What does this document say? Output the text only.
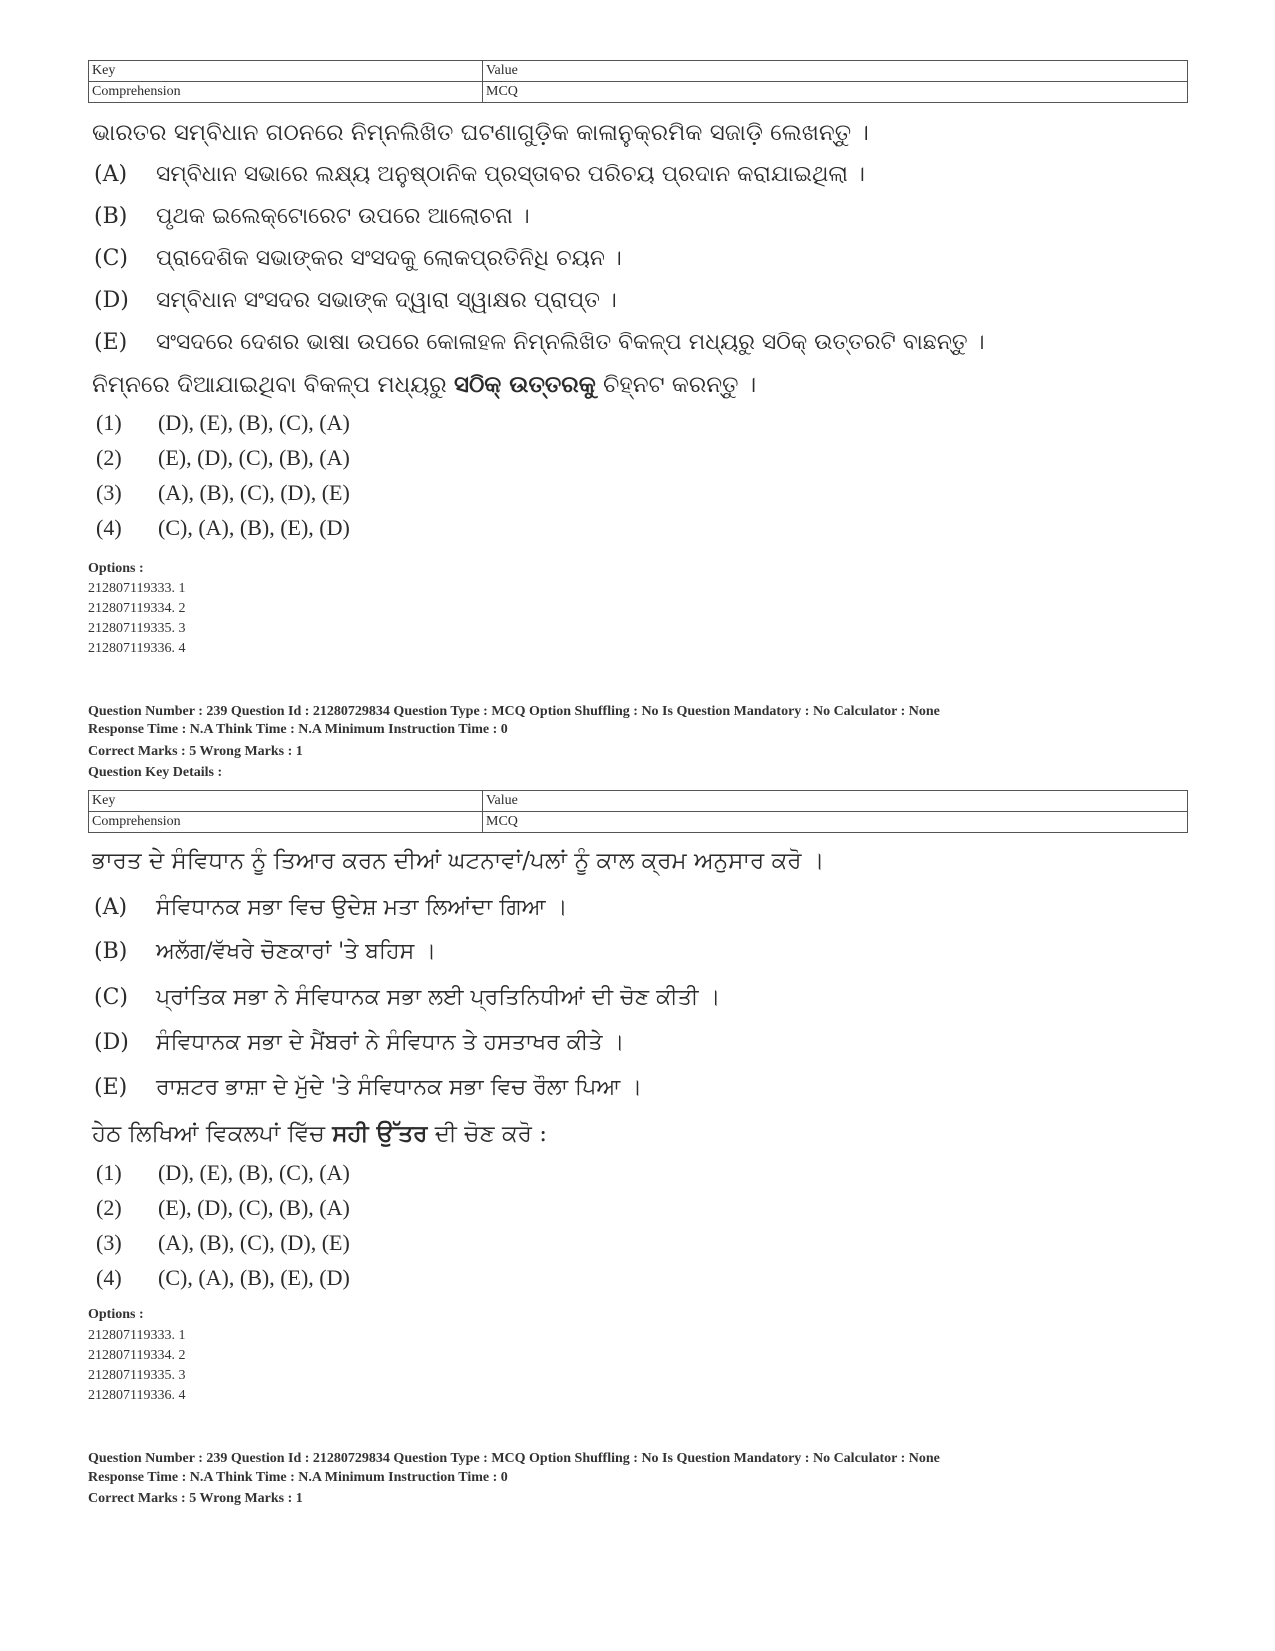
Key	Value
Comprehension	MCQ
ଭାରତର ସମ୍ବିଧାନ ଗଠନରେ ନିମ୍ନଲିଖିତ ଘଟଣାଗୁଡ଼ିକ କାଳାନୁକ୍ରମିକ ସଜାଡ଼ି ଲେଖନ୍ତୁ ।
(A) ସମ୍ବିଧାନ ସଭାରେ ଲକ୍ଷ୍ୟ ଅନୁଷ୍ଠାନିକ ପ୍ରସ୍ତାବର ପରିଚୟ ପ୍ରଦାନ କରାଯାଇଥିଲା ।
(B) ପୃଥକ ଇଲେକ୍ଟୋରେଟ ଉପରେ ଆଲୋଚନା ।
(C) ପ୍ରାଦେଶିକ ସଭାଙ୍କର ସଂସଦକୁ ଲୋକପ୍ରତିନିଧି ଚୟନ ।
(D) ସମ୍ବିଧାନ ସଂସଦର ସଭାଙ୍କ ଦ୍ୱାରା ସ୍ୱାକ୍ଷର ପ୍ରାପ୍ତ ।
(E) ସଂସଦରେ ଦେଶର ଭାଷା ଉପରେ କୋଳାହଳ ନିମ୍ନଲିଖିତ ବିକଳ୍ପ ମଧ୍ୟରୁ ସଠିକ୍ ଉତ୍ତରଟି ବାଛନ୍ତୁ ।
ନିମ୍ନରେ ଦିଆଯାଇଥିବା ବିକଳ୍ପ ମଧ୍ୟରୁ ସଠିକ୍ ଉତ୍ତରକୁ ଚିହ୍ନଟ କରନ୍ତୁ ।
(1) (D), (E), (B), (C), (A)
(2) (E), (D), (C), (B), (A)
(3) (A), (B), (C), (D), (E)
(4) (C), (A), (B), (E), (D)
Options :
212807119333. 1
212807119334. 2
212807119335. 3
212807119336. 4
Question Number : 239 Question Id : 21280729834 Question Type : MCQ Option Shuffling : No Is Question Mandatory : No Calculator : None
Response Time : N.A Think Time : N.A Minimum Instruction Time : 0
Correct Marks : 5 Wrong Marks : 1
Question Key Details :
Key	Value
Comprehension	MCQ
ਭਾਰਤ ਦੇ ਸੰਵਿਧਾਨ ਨੂੰ ਤਿਆਰ ਕਰਨ ਦੀਆਂ ਘਟਨਾਵਾਂ/ਪਲਾਂ ਨੂੰ ਕਾਲ ਕ੍ਰਮ ਅਨੁਸਾਰ ਕਰੋ ।
(A) ਸੰਵਿਧਾਨਕ ਸਭਾ ਵਿਚ ਉਦੇਸ਼ ਮਤਾ ਲਿਆਂਦਾ ਗਿਆ ।
(B) ਅਲੱਗ/ਵੱਖਰੇ ਚੋਣਕਾਰਾਂ 'ਤੇ ਬਹਿਸ ।
(C) ਪ੍ਰਾਂਤਿਕ ਸਭਾ ਨੇ ਸੰਵਿਧਾਨਕ ਸਭਾ ਲਈ ਪ੍ਰਤਿਨਿਧੀਆਂ ਦੀ ਚੋਣ ਕੀਤੀ ।
(D) ਸੰਵਿਧਾਨਕ ਸਭਾ ਦੇ ਮੈਂਬਰਾਂ ਨੇ ਸੰਵਿਧਾਨ ਤੇ ਹਸਤਾਖਰ ਕੀਤੇ ।
(E) ਰਾਸ਼ਟਰ ਭਾਸ਼ਾ ਦੇ ਮੁੱਦੇ 'ਤੇ ਸੰਵਿਧਾਨਕ ਸਭਾ ਵਿਚ ਰੌਲਾ ਪਿਆ ।
ਹੇਠ ਲਿਖਿਆਂ ਵਿਕਲਪਾਂ ਵਿੱਚ ਸਹੀ ਉੱਤਰ ਦੀ ਚੋਣ ਕਰੋ :
(1) (D), (E), (B), (C), (A)
(2) (E), (D), (C), (B), (A)
(3) (A), (B), (C), (D), (E)
(4) (C), (A), (B), (E), (D)
Options :
212807119333. 1
212807119334. 2
212807119335. 3
212807119336. 4
Question Number : 239 Question Id : 21280729834 Question Type : MCQ Option Shuffling : No Is Question Mandatory : No Calculator : None
Response Time : N.A Think Time : N.A Minimum Instruction Time : 0
Correct Marks : 5 Wrong Marks : 1
